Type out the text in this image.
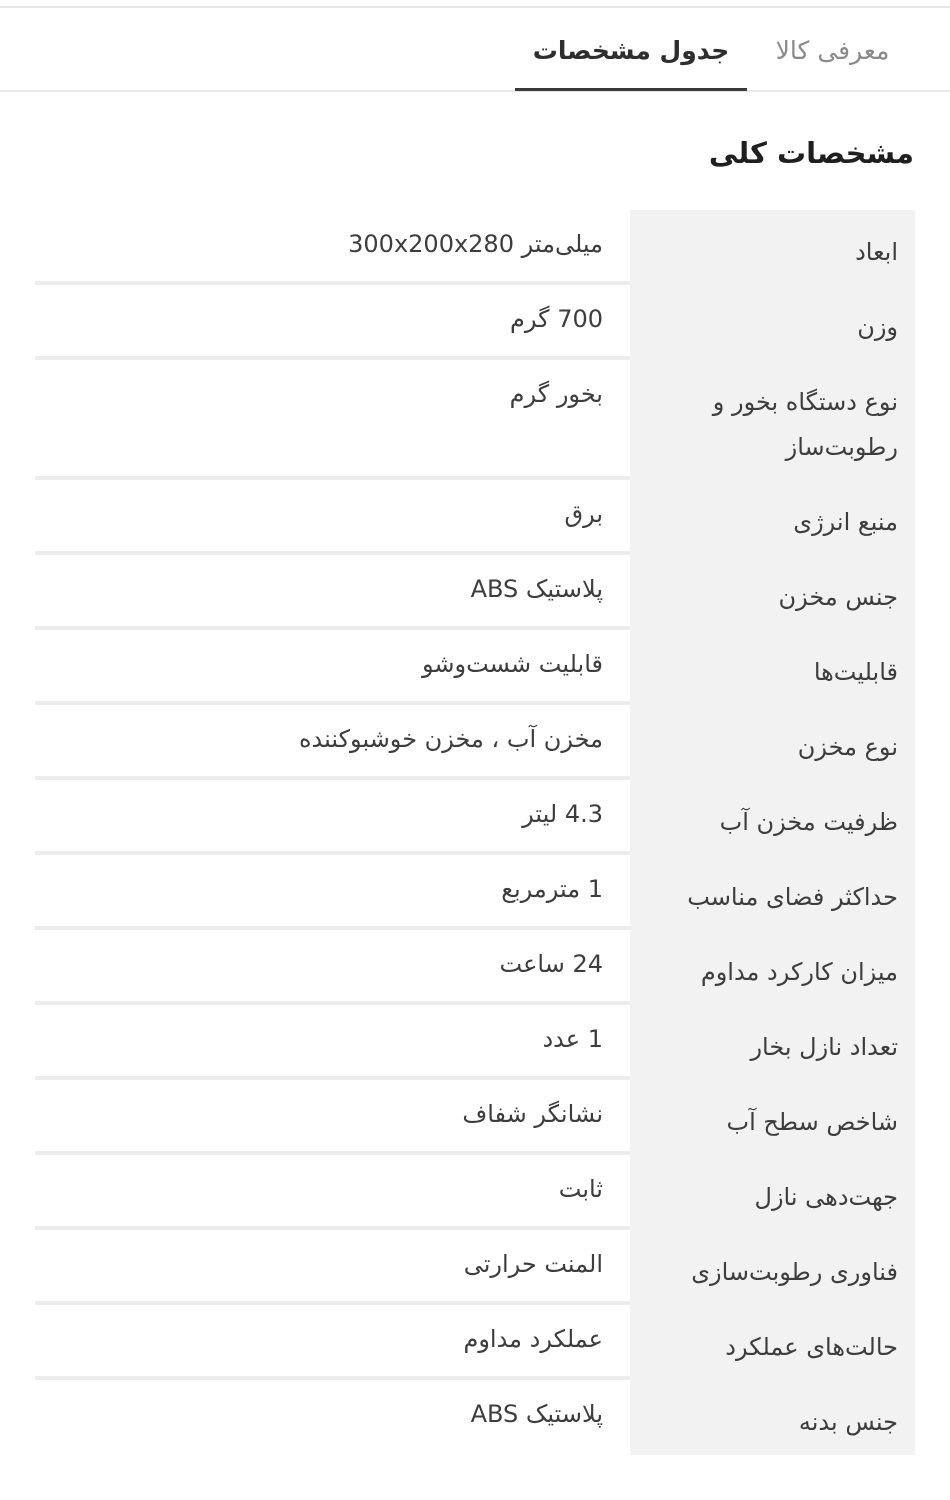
معرفی کالا
جدول مشخصات
مشخصات کلی
ابعاد
میلی‌متر 300x200x280
وزن
700 گرم
نوع دستگاه بخور و رطوبت‌ساز
بخور گرم
منبع انرژی
برق
جنس مخزن
پلاستیک ABS
قابلیت‌ها
قابلیت شست‌وشو
نوع مخزن
مخزن آب ، مخزن خوشبوکننده
ظرفیت مخزن آب
4.3 لیتر
حداکثر فضای مناسب
1 مترمربع
میزان کارکرد مداوم
24 ساعت
تعداد نازل بخار
1 عدد
شاخص سطح آب
نشانگر شفاف
جهت‌دهی نازل
ثابت
فناوری رطوبت‌سازی
المنت حرارتی
حالت‌های عملکرد
عملکرد مداوم
جنس بدنه
پلاستیک ABS
